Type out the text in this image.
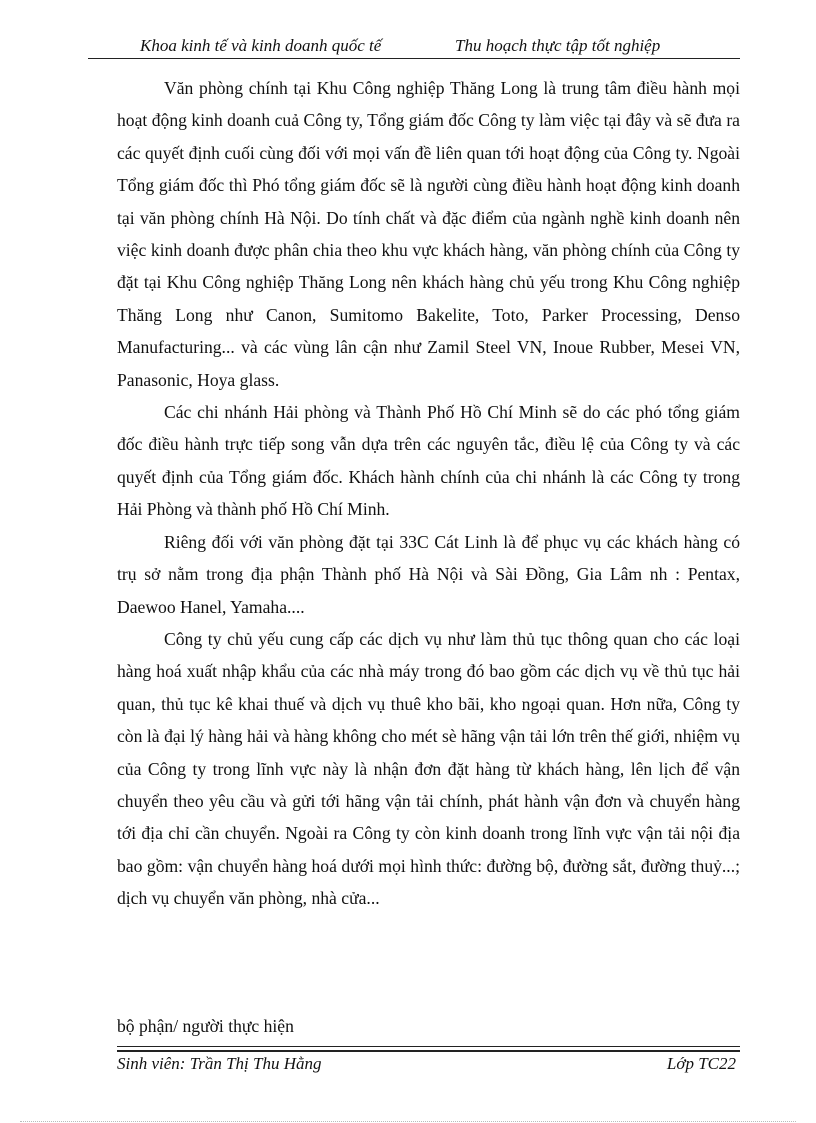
Khoa kinh tế và kinh doanh quốc tế	Thu hoạch thực tập tốt nghiệp

Văn phòng chính tại Khu Công nghiệp Thăng Long là trung tâm điều hành mọi hoạt động kinh doanh cuả Công ty, Tổng giám đốc Công ty làm việc tại đây và sẽ đưa ra các quyết định cuối cùng đối với mọi vấn đề liên quan tới hoạt động của Công ty. Ngoài Tổng giám đốc thì Phó tổng giám đốc sẽ là người cùng điều hành hoạt động kinh doanh tại văn phòng chính Hà Nội. Do tính chất và đặc điểm của ngành nghề kinh doanh nên việc kinh doanh được phân chia theo khu vực khách hàng, văn phòng chính của Công ty đặt tại Khu Công nghiệp Thăng Long nên khách hàng chủ yếu trong Khu Công nghiệp Thăng Long như Canon, Sumitomo Bakelite, Toto, Parker Processing, Denso Manufacturing... và các vùng lân cận như Zamil Steel VN, Inoue Rubber, Mesei VN, Panasonic, Hoya glass.

Các chi nhánh Hải phòng và Thành Phố Hồ Chí Minh sẽ do các phó tổng giám đốc điều hành trực tiếp song vẫn dựa trên các nguyên tắc, điều lệ của Công ty và các quyết định của Tổng giám đốc. Khách hành chính của chi nhánh là các Công ty trong Hải Phòng và thành phố Hồ Chí Minh.

Riêng đối với văn phòng đặt tại 33C Cát Linh là để phục vụ các khách hàng có trụ sở nằm trong địa phận Thành phố Hà Nội và Sài Đồng, Gia Lâm nh : Pentax, Daewoo Hanel, Yamaha....

Công ty chủ yếu cung cấp các dịch vụ như làm thủ tục thông quan cho các loại hàng hoá xuất nhập khẩu của các nhà máy trong đó bao gồm các dịch vụ về thủ tục hải quan, thủ tục kê khai thuế và dịch vụ thuê kho bãi, kho ngoại quan. Hơn nữa, Công ty còn là đại lý hàng hải và hàng không cho mét sè hãng vận tải lớn trên thế giới, nhiệm vụ của Công ty trong lĩnh vực này là nhận đơn đặt hàng từ khách hàng, lên lịch để vận chuyển theo yêu cầu và gửi tới hãng vận tải chính, phát hành vận đơn và chuyển hàng tới địa chỉ cần chuyển. Ngoài ra Công ty còn kinh doanh trong lĩnh vực vận tải nội địa bao gồm: vận chuyển hàng hoá dưới mọi hình thức: đường bộ, đường sắt, đường thuỷ...; dịch vụ chuyển văn phòng, nhà cửa...

bộ phận/ người thực hiện
Sinh viên: Trần Thị Thu Hằng	Lớp TC22
